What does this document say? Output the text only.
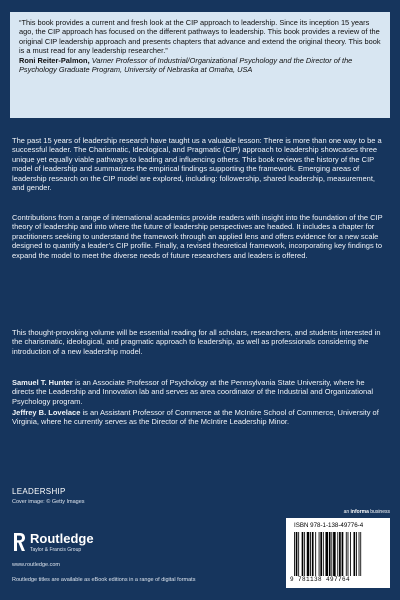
“This book provides a current and fresh look at the CIP approach to leadership. Since its inception 15 years ago, the CIP approach has focused on the different pathways to leadership. This book provides a review of the original CIP leadership approach and presents chapters that advance and extend the original theory. This book is a must read for any leadership researcher.”
Roni Reiter-Palmon, Varner Professor of Industrial/Organizational Psychology and the Director of the Psychology Graduate Program, University of Nebraska at Omaha, USA

The past 15 years of leadership research have taught us a valuable lesson: There is more than one way to be a successful leader. The Charismatic, Ideological, and Pragmatic (CIP) approach to leadership showcases three unique yet equally viable pathways to leading and influencing others. This book reviews the history of the CIP model of leadership and summarizes the empirical findings supporting the framework. Emerging areas of leadership research on the CIP model are explored, including: followership, shared leadership, measurement, and gender.

Contributions from a range of international academics provide readers with insight into the foundation of the CIP theory of leadership and into where the future of leadership perspectives are headed. It includes a chapter for practitioners seeking to understand the framework through an applied lens and offers evidence for a new scale designed to quantify a leader’s CIP profile. Finally, a revised theoretical framework, incorporating key findings to expand the model to meet the diverse needs of future researchers and leaders is offered.

This thought-provoking volume will be essential reading for all scholars, researchers, and students interested in the charismatic, ideological, and pragmatic approach to leadership, as well as professionals considering the introduction of a new leadership model.

Samuel T. Hunter is an Associate Professor of Psychology at the Pennsylvania State University, where he directs the Leadership and Innovation lab and serves as area coordinator of the Industrial and Organizational Psychology program.

Jeffrey B. Lovelace is an Assistant Professor of Commerce at the McIntire School of Commerce, University of Virginia, where he currently serves as the Director of the McIntire Leadership Minor.

LEADERSHIP
Cover image: © Getty Images
Routledge
Taylor & Francis Group
www.routledge.com
Routledge titles are available as eBook editions in a range of digital formats
an informa business
ISBN 978-1-138-49776-4
9 781138 497764
